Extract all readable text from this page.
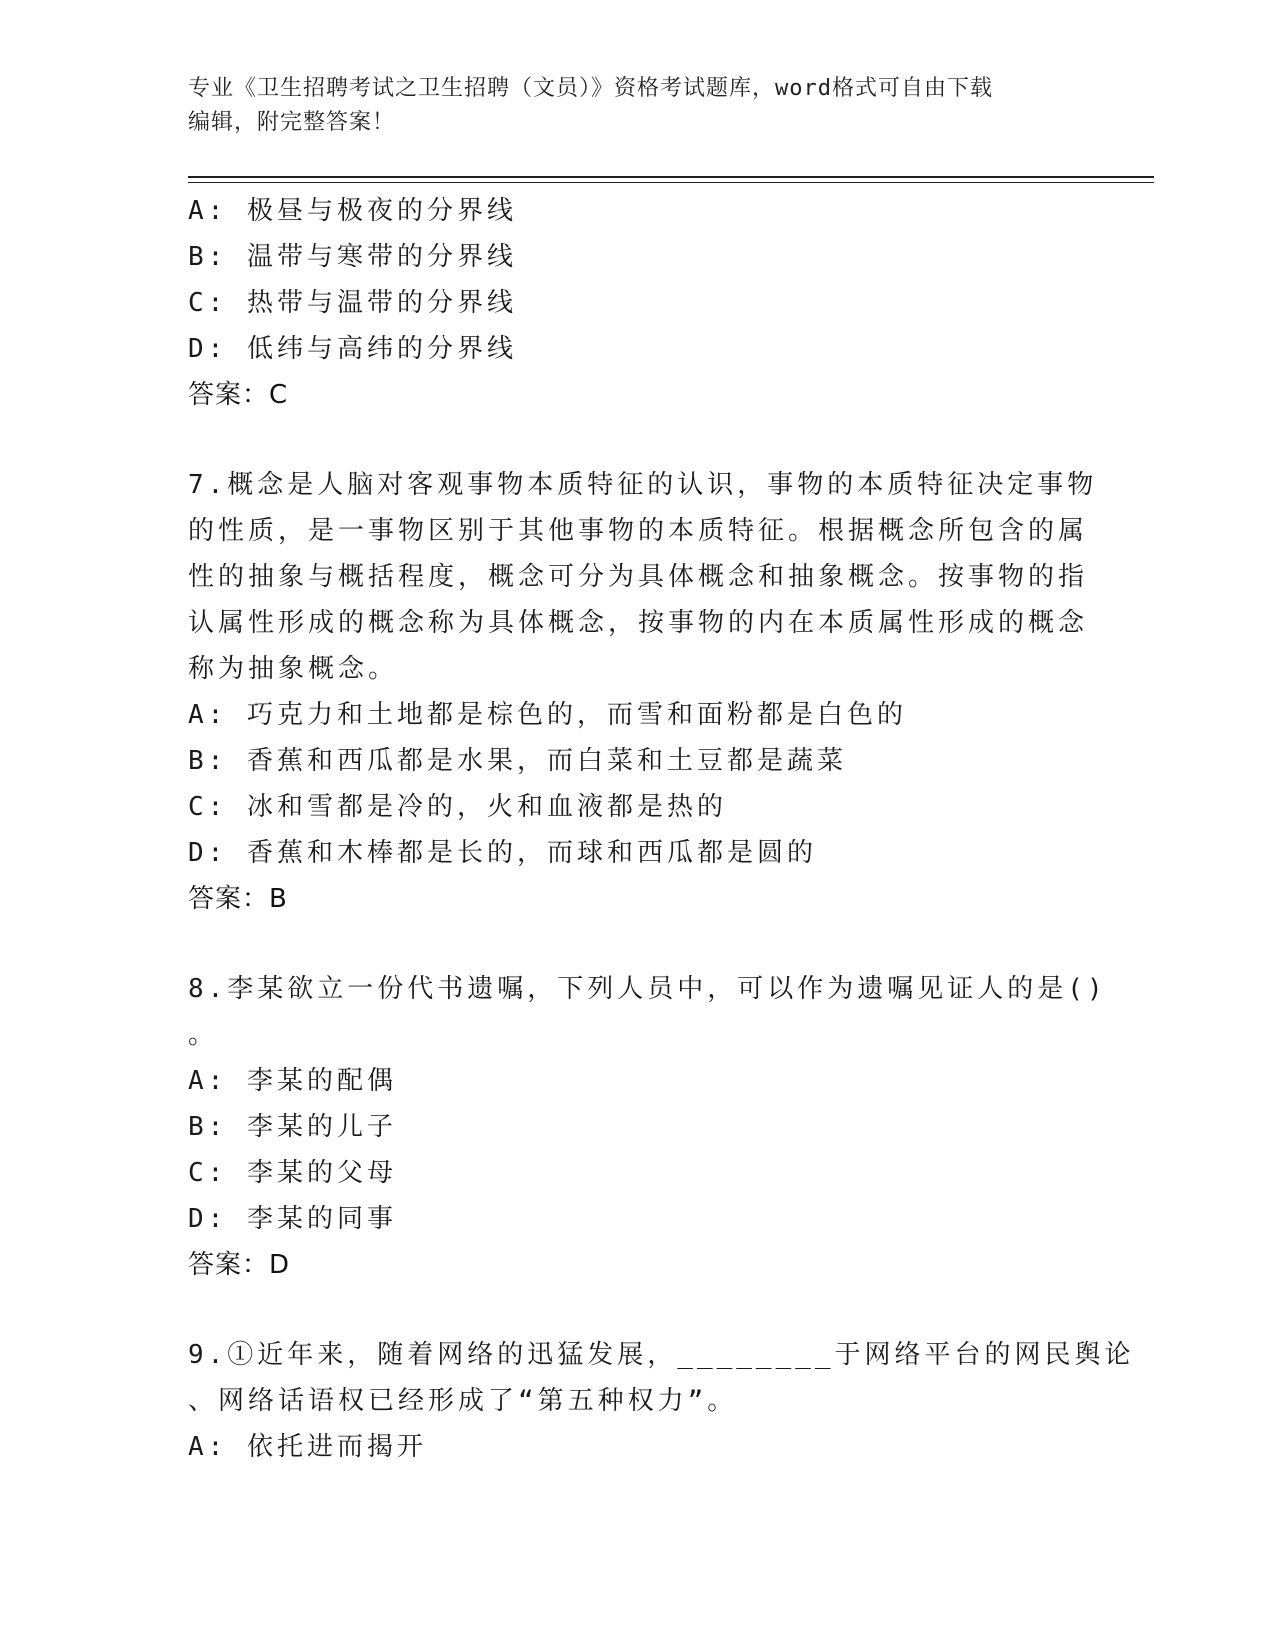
专业《卫生招聘考试之卫生招聘（文员）》资格考试题库，word格式可自由下载
编辑，附完整答案！
A: 极昼与极夜的分界线
B: 温带与寒带的分界线
C: 热带与温带的分界线
D: 低纬与高纬的分界线
答案：C
7.概念是人脑对客观事物本质特征的认识，事物的本质特征决定事物
的性质，是一事物区别于其他事物的本质特征。根据概念所包含的属
性的抽象与概括程度，概念可分为具体概念和抽象概念。按事物的指
认属性形成的概念称为具体概念，按事物的内在本质属性形成的概念
称为抽象概念。
A: 巧克力和土地都是棕色的，而雪和面粉都是白色的
B: 香蕉和西瓜都是水果，而白菜和土豆都是蔬菜
C: 冰和雪都是冷的，火和血液都是热的
D: 香蕉和木棒都是长的，而球和西瓜都是圆的
答案：B
8.李某欲立一份代书遗嘱，下列人员中，可以作为遗嘱见证人的是()
。
A: 李某的配偶
B: 李某的儿子
C: 李某的父母
D: 李某的同事
答案：D
9.①近年来，随着网络的迅猛发展，________于网络平台的网民舆论
、网络话语权已经形成了“第五种权力”。
A: 依托进而揭开
